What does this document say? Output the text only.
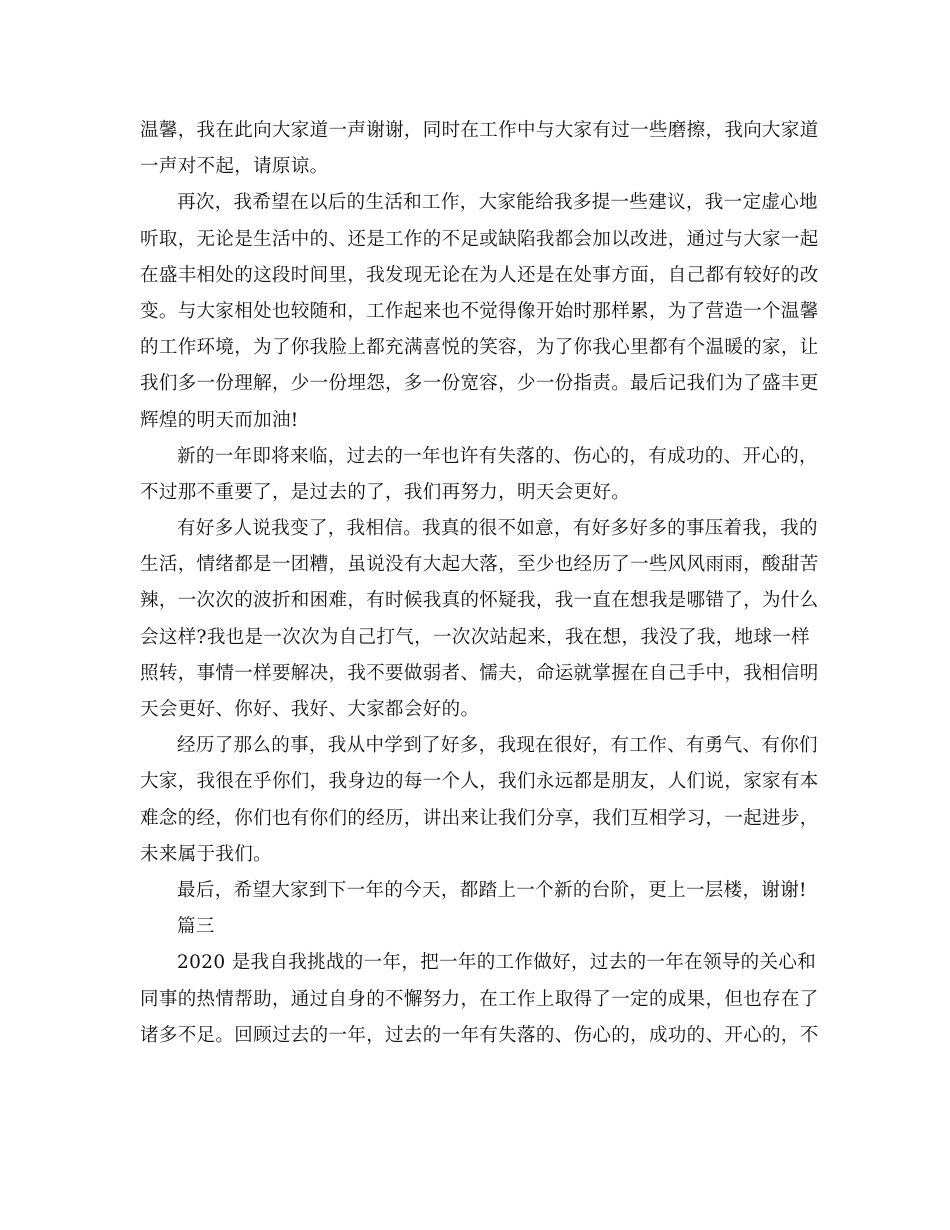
温馨，我在此向大家道一声谢谢，同时在工作中与大家有过一些磨擦，我向大家道
一声对不起，请原谅。
再次，我希望在以后的生活和工作，大家能给我多提一些建议，我一定虚心地
听取，无论是生活中的、还是工作的不足或缺陷我都会加以改进，通过与大家一起
在盛丰相处的这段时间里，我发现无论在为人还是在处事方面，自己都有较好的改
变。与大家相处也较随和，工作起来也不觉得像开始时那样累，为了营造一个温馨
的工作环境，为了你我脸上都充满喜悦的笑容，为了你我心里都有个温暖的家，让
我们多一份理解，少一份埋怨，多一份宽容，少一份指责。最后记我们为了盛丰更
辉煌的明天而加油!
新的一年即将来临，过去的一年也许有失落的、伤心的，有成功的、开心的，
不过那不重要了，是过去的了，我们再努力，明天会更好。
有好多人说我变了，我相信。我真的很不如意，有好多好多的事压着我，我的
生活，情绪都是一团糟，虽说没有大起大落，至少也经历了一些风风雨雨，酸甜苦
辣，一次次的波折和困难，有时候我真的怀疑我，我一直在想我是哪错了，为什么
会这样?我也是一次次为自己打气，一次次站起来，我在想，我没了我，地球一样
照转，事情一样要解决，我不要做弱者、懦夫，命运就掌握在自己手中，我相信明
天会更好、你好、我好、大家都会好的。
经历了那么的事，我从中学到了好多，我现在很好，有工作、有勇气、有你们
大家，我很在乎你们，我身边的每一个人，我们永远都是朋友，人们说，家家有本
难念的经，你们也有你们的经历，讲出来让我们分享，我们互相学习，一起进步，
未来属于我们。
最后，希望大家到下一年的今天，都踏上一个新的台阶，更上一层楼，谢谢!
篇三
2020 是我自我挑战的一年，把一年的工作做好，过去的一年在领导的关心和
同事的热情帮助，通过自身的不懈努力，在工作上取得了一定的成果，但也存在了
诸多不足。回顾过去的一年，过去的一年有失落的、伤心的，成功的、开心的，不
